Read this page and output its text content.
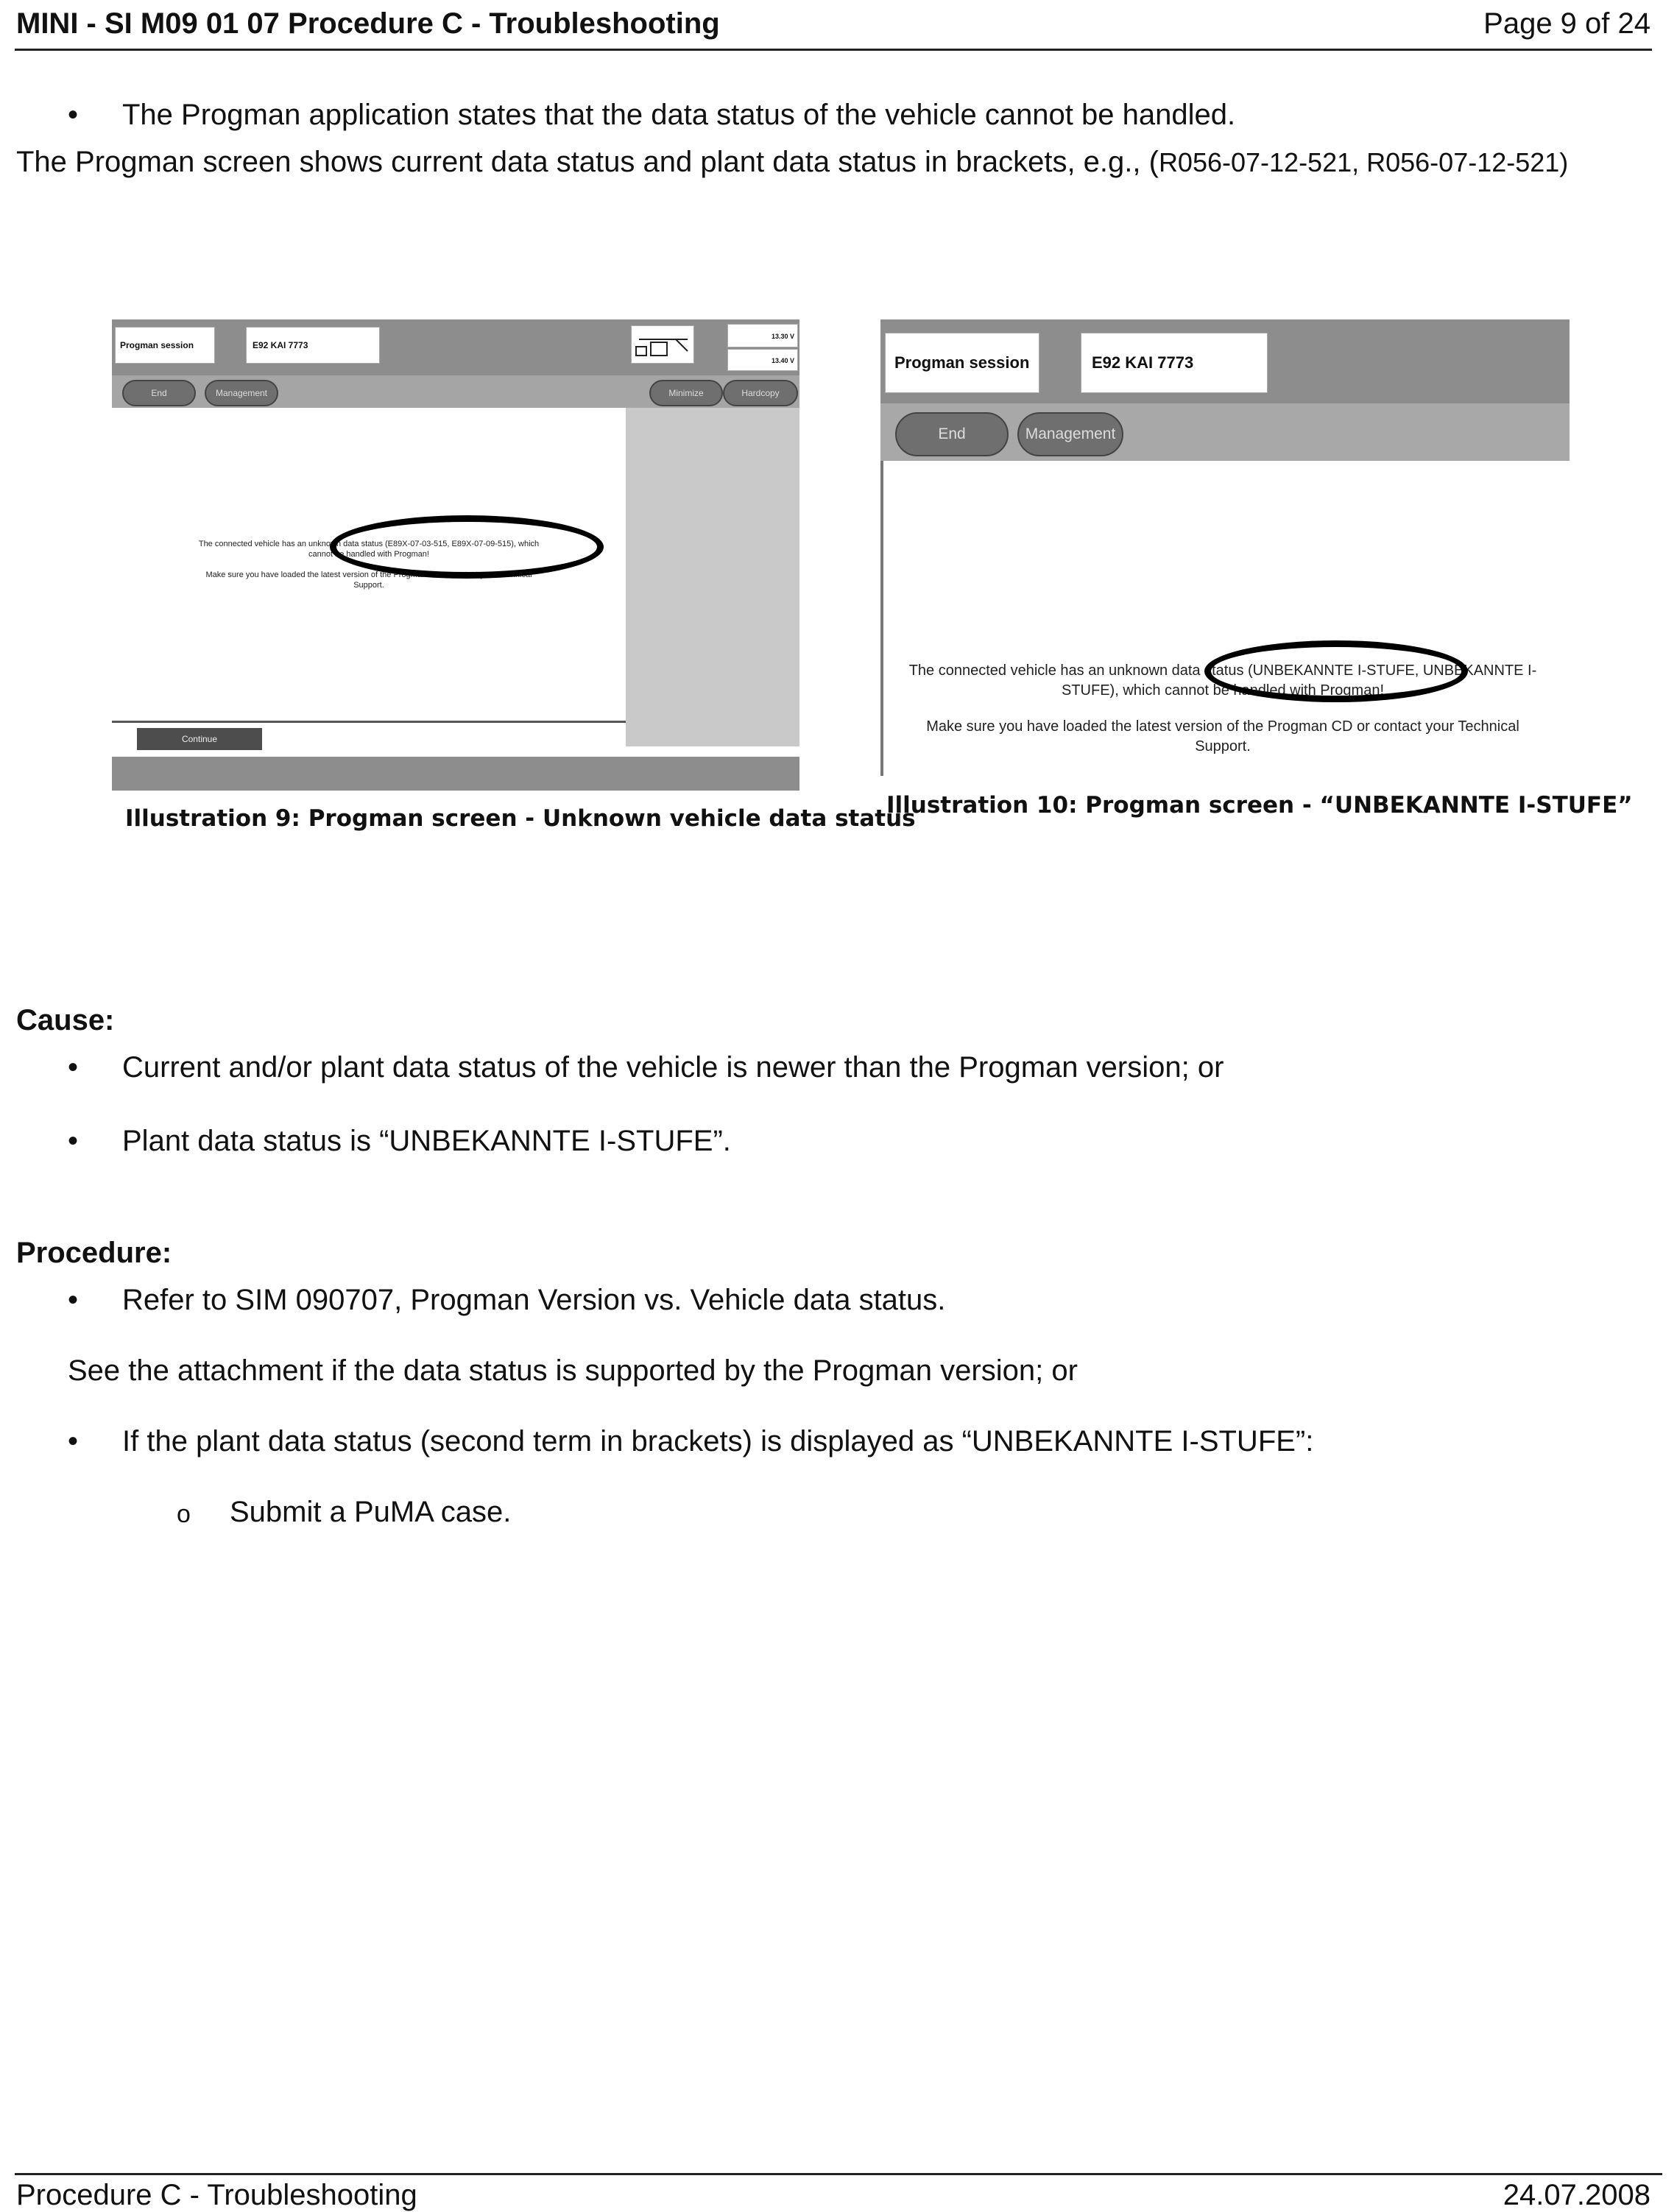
MINI - SI M09 01 07 Procedure C - Troubleshooting	Page 9 of 24
• The Progman application states that the data status of the vehicle cannot be handled.
The Progman screen shows current data status and plant data status in brackets, e.g., (R056-07-12-521, R056-07-12-521)
Progman session	E92 KAI 7773
13.30 V
13.40 V
End	Management	Minimize	Hardcopy
The connected vehicle has an unknown data status (E89X-07-03-515, E89X-07-09-515), which
cannot be handled with Progman!
Make sure you have loaded the latest version of the Progman CD or contact your Technical
Support.
Continue
Illustration 9: Progman screen - Unknown vehicle data status
Progman session	E92 KAI 7773
End	Management
The connected vehicle has an unknown data status (UNBEKANNTE I-STUFE, UNBEKANNTE I-
STUFE), which cannot be handled with Progman!
Make sure you have loaded the latest version of the Progman CD or contact your Technical
Support.
Illustration 10: Progman screen - “UNBEKANNTE I-STUFE”
Cause:
• Current and/or plant data status of the vehicle is newer than the Progman version; or
• Plant data status is “UNBEKANNTE I-STUFE”.
Procedure:
• Refer to SIM 090707, Progman Version vs. Vehicle data status.
See the attachment if the data status is supported by the Progman version; or
• If the plant data status (second term in brackets) is displayed as “UNBEKANNTE I-STUFE”:
o Submit a PuMA case.
Procedure C - Troubleshooting	24.07.2008
